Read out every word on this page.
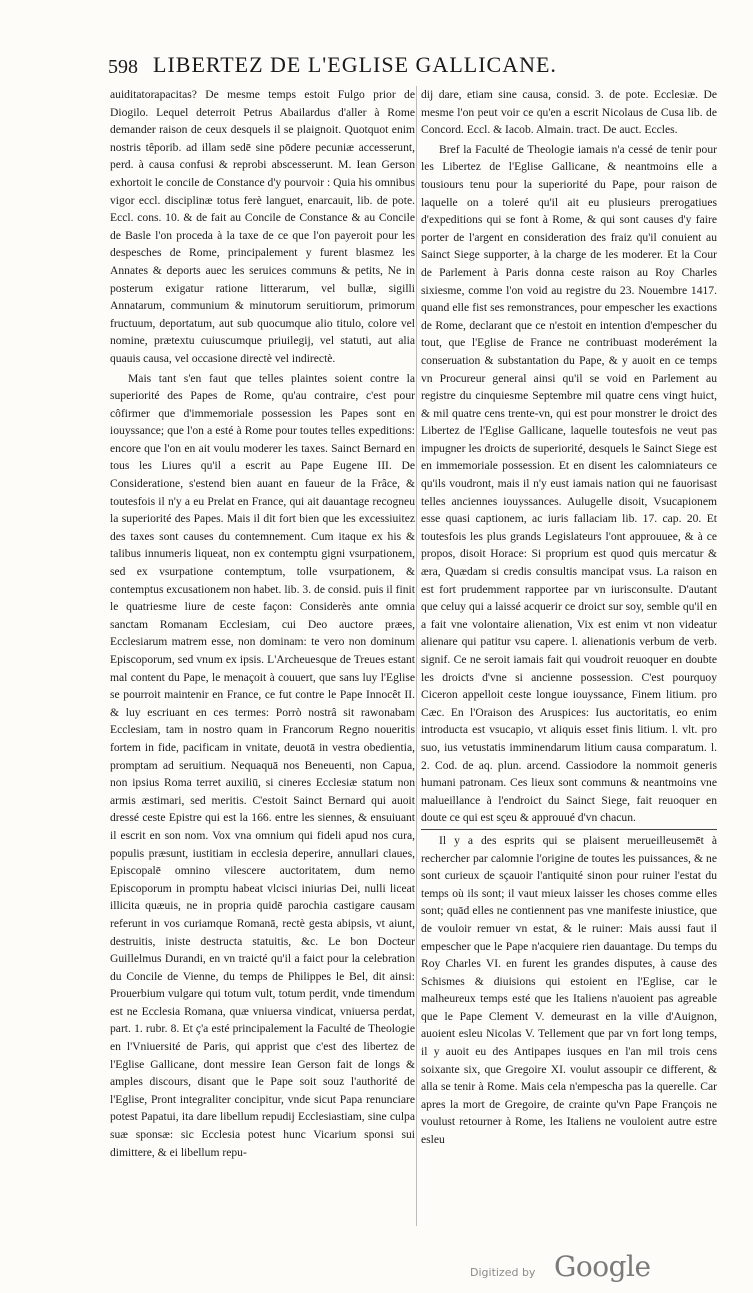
598 LIBERTEZ DE L'EGLISE GALLICANE.

auiditatorapacitas? De mesme temps estoit Fulgo prior de Diogilo. Lequel deterroit Petrus Abailardus d'aller à Rome demander raison de ceux desquels il se plaignoit. Quotquot enim nostris têporib. ad illam sedē sine pōdere pecuniæ accesserunt, perd. à causa confusi & reprobi abscesserunt. M. Iean Gerson exhortoit le concile de Constance d'y pourvoir : Quia his omnibus vigor eccl. disciplinæ totus ferè languet, enarcauit, lib. de pote. Eccl. cons. 10. & de fait au Concile de Constance & au Concile de Basle l'on proceda à la taxe de ce que l'on payeroit pour les despesches de Rome, principalement y furent blasmez les Annates & deports auec les seruices communs & petits, Ne in posterum exigatur ratione litterarum, vel bullæ, sigilli Annatarum, communium & minutorum seruitiorum, primorum fructuum, deportatum, aut sub quocumque alio titulo, colore vel nomine, prætextu cuiuscumque priuilegij, vel statuti, aut alia quauis causa, vel occasione directè vel indirectè.

Mais tant s'en faut que telles plaintes soient contre la superiorité des Papes de Rome, qu'au contraire, c'est pour côfirmer que d'immemoriale possession les Papes sont en iouyssance; que l'on a esté à Rome pour toutes telles expeditions: encore que l'on en ait voulu moderer les taxes. Sainct Bernard en tous les Liures qu'il a escrit au Pape Eugene III. De Consideratione, s'estend bien auant en faueur de la Frâce, & toutesfois il n'y a eu Prelat en France, qui ait dauantage recogneu la superiorité des Papes. Mais il dit fort bien que les excessiuitez des taxes sont causes du contemnement. Cum itaque ex his & talibus innumeris liqueat, non ex contemptu gigni vsurpationem, sed ex vsurpatione contemptum, tolle vsurpationem, & contemptus excusationem non habet. lib. 3. de consid. puis il finit le quatriesme liure de ceste façon: Considerès ante omnia sanctam Romanam Ecclesiam, cui Deo auctore præes, Ecclesiarum matrem esse, non dominam: te vero non dominum Episcoporum, sed vnum ex ipsis. L'Archeuesque de Treues estant mal content du Pape, le menaçoit à couuert, que sans luy l'Eglise se pourroit maintenir en France, ce fut contre le Pape Innocêt II. & luy escriuant en ces termes: Porrò nostrâ sit rawonabam Ecclesiam, tam in nostro quam in Francorum Regno noueritis fortem in fide, pacificam in vnitate, deuotā in vestra obedientia, promptam ad seruitium. Nequaquā nos Beneuenti, non Capua, non ipsius Roma terret auxiliū, si cineres Ecclesiæ statum non armis æstimari, sed meritis. C'estoit Sainct Bernard qui auoit dressé ceste Epistre qui est la 166. entre les siennes, & ensuiuant il escrit en son nom. Vox vna omnium qui fideli apud nos cura, populis præsunt, iustitiam in ecclesia deperire, annullari claues, Episcopalē omnino vilescere auctoritatem, dum nemo Episcoporum in promptu habeat vlcisci iniurias Dei, nulli liceat illicita quæuis, ne in propria quidē parochia castigare causam referunt in vos curiamque Romanā, rectè gesta abipsis, vt aiunt, destruitis, iniste destructa statuitis, &c. Le bon Docteur Guillelmus Durandi, en vn traicté qu'il a faict pour la celebration du Concile de Vienne, du temps de Philippes le Bel, dit ainsi: Prouerbium vulgare qui totum vult, totum perdit, vnde timendum est ne Ecclesia Romana, quæ vniuersa vindicat, vniuersa perdat, part. 1. rubr. 8. Et ç'a esté principalement la Faculté de Theologie en l'Vniuersité de Paris, qui apprist que c'est des libertez de l'Eglise Gallicane, dont messire Iean Gerson fait de longs & amples discours, disant que le Pape soit souz l'authorité de l'Eglise, Pront integraliter concipitur, vnde sicut Papa renunciare potest Papatui, ita dare libellum repudij Ecclesiastiam, sine culpa suæ sponsæ: sic Ecclesia potest hunc Vicarium sponsi sui dimittere, & ei libellum repu-

dij dare, etiam sine causa, consid. 3. de pote. Ecclesiæ. De mesme l'on peut voir ce qu'en a escrit Nicolaus de Cusa lib. de Concord. Eccl. & Iacob. Almain. tract. De auct. Eccles.

Bref la Faculté de Theologie iamais n'a cessé de tenir pour les Libertez de l'Eglise Gallicane, & neantmoins elle a tousiours tenu pour la superiorité du Pape, pour raison de laquelle on a toleré qu'il ait eu plusieurs prerogatiues d'expeditions qui se font à Rome, & qui sont causes d'y faire porter de l'argent en consideration des fraiz qu'il conuient au Sainct Siege supporter, à la charge de les moderer. Et la Cour de Parlement à Paris donna ceste raison au Roy Charles sixiesme, comme l'on void au registre du 23. Nouembre 1417. quand elle fist ses remonstrances, pour empescher les exactions de Rome, declarant que ce n'estoit en intention d'empescher du tout, que l'Eglise de France ne contribuast moderément la conseruation & substantation du Pape, & y auoit en ce temps vn Procureur general ainsi qu'il se void en Parlement au registre du cinquiesme Septembre mil quatre cens vingt huict, & mil quatre cens trente-vn, qui est pour monstrer le droict des Libertez de l'Eglise Gallicane, laquelle toutesfois ne veut pas impugner les droicts de superiorité, desquels le Sainct Siege est en immemoriale possession. Et en disent les calomniateurs ce qu'ils voudront, mais il n'y eust iamais nation qui ne fauorisast telles anciennes iouyssances. Aulugelle disoit, Vsucapionem esse quasi captionem, ac iuris fallaciam lib. 17. cap. 20. Et toutesfois les plus grands Legislateurs l'ont approuuee, & à ce propos, disoit Horace: Si proprium est quod quis mercatur & æra, Quædam si credis consultis mancipat vsus. La raison en est fort prudemment rapportee par vn iurisconsulte. D'autant que celuy qui a laissé acquerir ce droict sur soy, semble qu'il en a fait vne volontaire alienation, Vix est enim vt non videatur alienare qui patitur vsu capere. l. alienationis verbum de verb. signif. Ce ne seroit iamais fait qui voudroit reuoquer en doubte les droicts d'vne si ancienne possession. C'est pourquoy Ciceron appelloit ceste longue iouyssance, Finem litium. pro Cæc. En l'Oraison des Aruspices: Ius auctoritatis, eo enim introducta est vsucapio, vt aliquis esset finis litium. l. vlt. pro suo, ius vetustatis imminendarum litium causa comparatum. l. 2. Cod. de aq. plun. arcend. Cassiodore la nommoit generis humani patronam. Ces lieux sont communs & neantmoins vne malueillance à l'endroict du Sainct Siege, fait reuoquer en doute ce qui est sçeu & approuué d'vn chacun.

Il y a des esprits qui se plaisent merueilleusemēt à rechercher par calomnie l'origine de toutes les puissances, & ne sont curieux de sçauoir l'antiquité sinon pour ruiner l'estat du temps où ils sont; il vaut mieux laisser les choses comme elles sont; quād elles ne contiennent pas vne manifeste iniustice, que de vouloir remuer vn estat, & le ruiner: Mais aussi faut il empescher que le Pape n'acquiere rien dauantage. Du temps du Roy Charles VI. en furent les grandes disputes, à cause des Schismes & diuisions qui estoient en l'Eglise, car le malheureux temps esté que les Italiens n'auoient pas agreable que le Pape Clement V. demeurast en la ville d'Auignon, auoient esleu Nicolas V. Tellement que par vn fort long temps, il y auoit eu des Antipapes iusques en l'an mil trois cens soixante six, que Gregoire XI. voulut assoupir ce different, & alla se tenir à Rome. Mais cela n'empescha pas la querelle. Car apres la mort de Gregoire, de crainte qu'vn Pape François ne voulust retourner à Rome, les Italiens ne vouloient autre estre esleu

Digitized by Google
